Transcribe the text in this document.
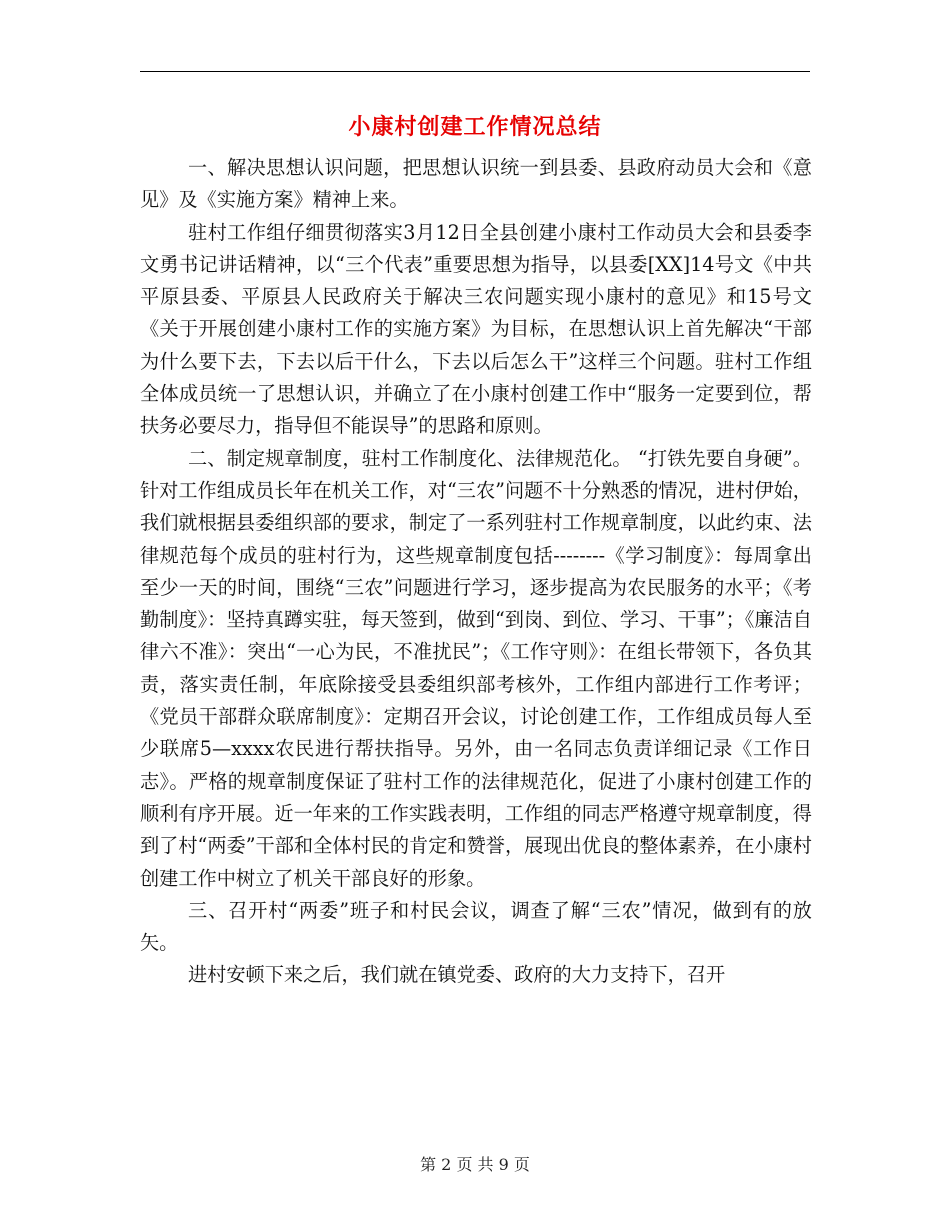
小康村创建工作情况总结

一、解决思想认识问题，把思想认识统一到县委、县政府动员大会和《意见》及《实施方案》精神上来。

驻村工作组仔细贯彻落实3月12日全县创建小康村工作动员大会和县委李文勇书记讲话精神，以“三个代表”重要思想为指导，以县委[XX]14号文《中共平原县委、平原县人民政府关于解决三农问题实现小康村的意见》和15号文《关于开展创建小康村工作的实施方案》为目标，在思想认识上首先解决“干部为什么要下去，下去以后干什么，下去以后怎么干”这样三个问题。驻村工作组全体成员统一了思想认识，并确立了在小康村创建工作中“服务一定要到位，帮扶务必要尽力，指导但不能误导”的思路和原则。

二、制定规章制度，驻村工作制度化、法律规范化。 “打铁先要自身硬”。针对工作组成员长年在机关工作，对“三农”问题不十分熟悉的情况，进村伊始，我们就根据县委组织部的要求，制定了一系列驻村工作规章制度，以此约束、法律规范每个成员的驻村行为，这些规章制度包括--------《学习制度》：每周拿出至少一天的时间，围绕“三农”问题进行学习，逐步提高为农民服务的水平；《考勤制度》：坚持真蹲实驻，每天签到，做到“到岗、到位、学习、干事”；《廉洁自律六不准》：突出“一心为民，不准扰民”；《工作守则》：在组长带领下，各负其责，落实责任制，年底除接受县委组织部考核外，工作组内部进行工作考评；《党员干部群众联席制度》：定期召开会议，讨论创建工作，工作组成员每人至少联席5—xxxx农民进行帮扶指导。另外，由一名同志负责详细记录《工作日志》。严格的规章制度保证了驻村工作的法律规范化，促进了小康村创建工作的顺利有序开展。近一年来的工作实践表明，工作组的同志严格遵守规章制度，得到了村“两委”干部和全体村民的肯定和赞誉，展现出优良的整体素养，在小康村创建工作中树立了机关干部良好的形象。

三、召开村“两委”班子和村民会议，调查了解“三农”情况，做到有的放矢。

进村安顿下来之后，我们就在镇党委、政府的大力支持下，召开

第 2 页 共 9 页
